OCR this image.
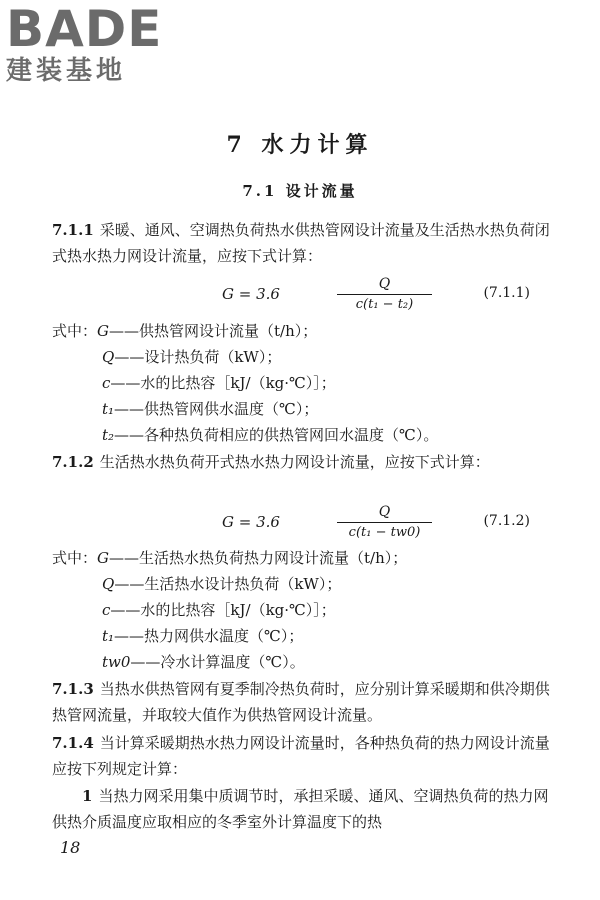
BADE
建装基地
7 水力计算
7.1 设计流量
7.1.1 采暖、通风、空调热负荷热水供热管网设计流量及生活热水热负荷闭式热水热力网设计流量，应按下式计算：
G = 3.6
Q
c(t₁ − t₂)
(7.1.1)
式中：G——供热管网设计流量（t/h）；
Q——设计热负荷（kW）；
c——水的比热容［kJ/（kg·℃）］；
t₁——供热管网供水温度（℃）；
t₂——各种热负荷相应的供热管网回水温度（℃）。
7.1.2 生活热水热负荷开式热水热力网设计流量，应按下式计算：
G = 3.6
Q
c(t₁ − tw0)
(7.1.2)
式中：G——生活热水热负荷热力网设计流量（t/h）；
Q——生活热水设计热负荷（kW）；
c——水的比热容［kJ/（kg·℃）］；
t₁——热力网供水温度（℃）；
tw0——冷水计算温度（℃）。
7.1.3 当热水供热管网有夏季制冷热负荷时，应分别计算采暖期和供冷期供热管网流量，并取较大值作为供热管网设计流量。
7.1.4 当计算采暖期热水热力网设计流量时，各种热负荷的热力网设计流量应按下列规定计算：
1 当热力网采用集中质调节时，承担采暖、通风、空调热负荷的热力网供热介质温度应取相应的冬季室外计算温度下的热
18
